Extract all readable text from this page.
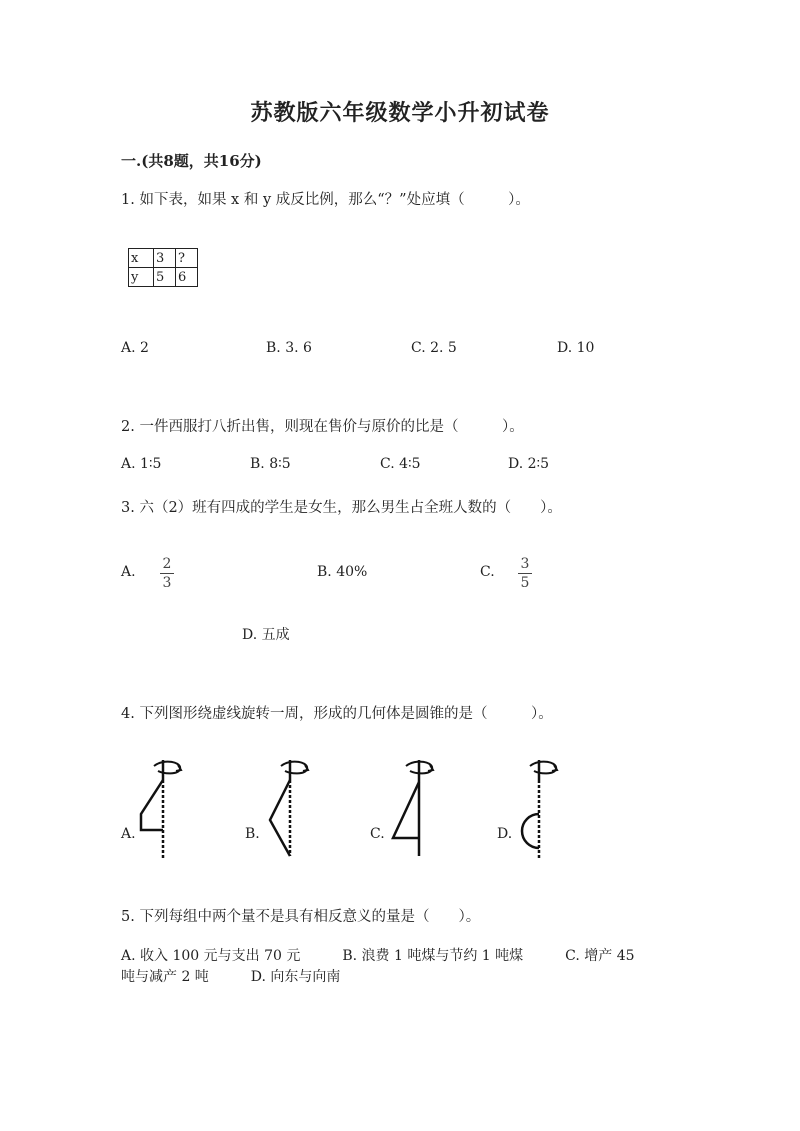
苏教版六年级数学小升初试卷
一.(共8题，共16分)
1. 如下表，如果 x 和 y 成反比例，那么“？”处应填（　　　）。
x	3	?
y	5	6
A. 2	B. 3. 6	C. 2. 5	D. 10
2. 一件西服打八折出售，则现在售价与原价的比是（　　　）。
A. 1∶5	B. 8∶5	C. 4∶5	D. 2∶5
3. 六（2）班有四成的学生是女生，那么男生占全班人数的（　　）。
A. $\frac{2}{3}$	B. 40%	C. $\frac{3}{5}$
D. 五成
4. 下列图形绕虚线旋转一周，形成的几何体是圆锥的是（　　　）。
A.	B.	C.	D.
5. 下列每组中两个量不是具有相反意义的量是（　　）。
A. 收入 100 元与支出 70 元　　　B. 浪费 1 吨煤与节约 1 吨煤　　　C. 增产 45
吨与减产 2 吨　　　D. 向东与向南
